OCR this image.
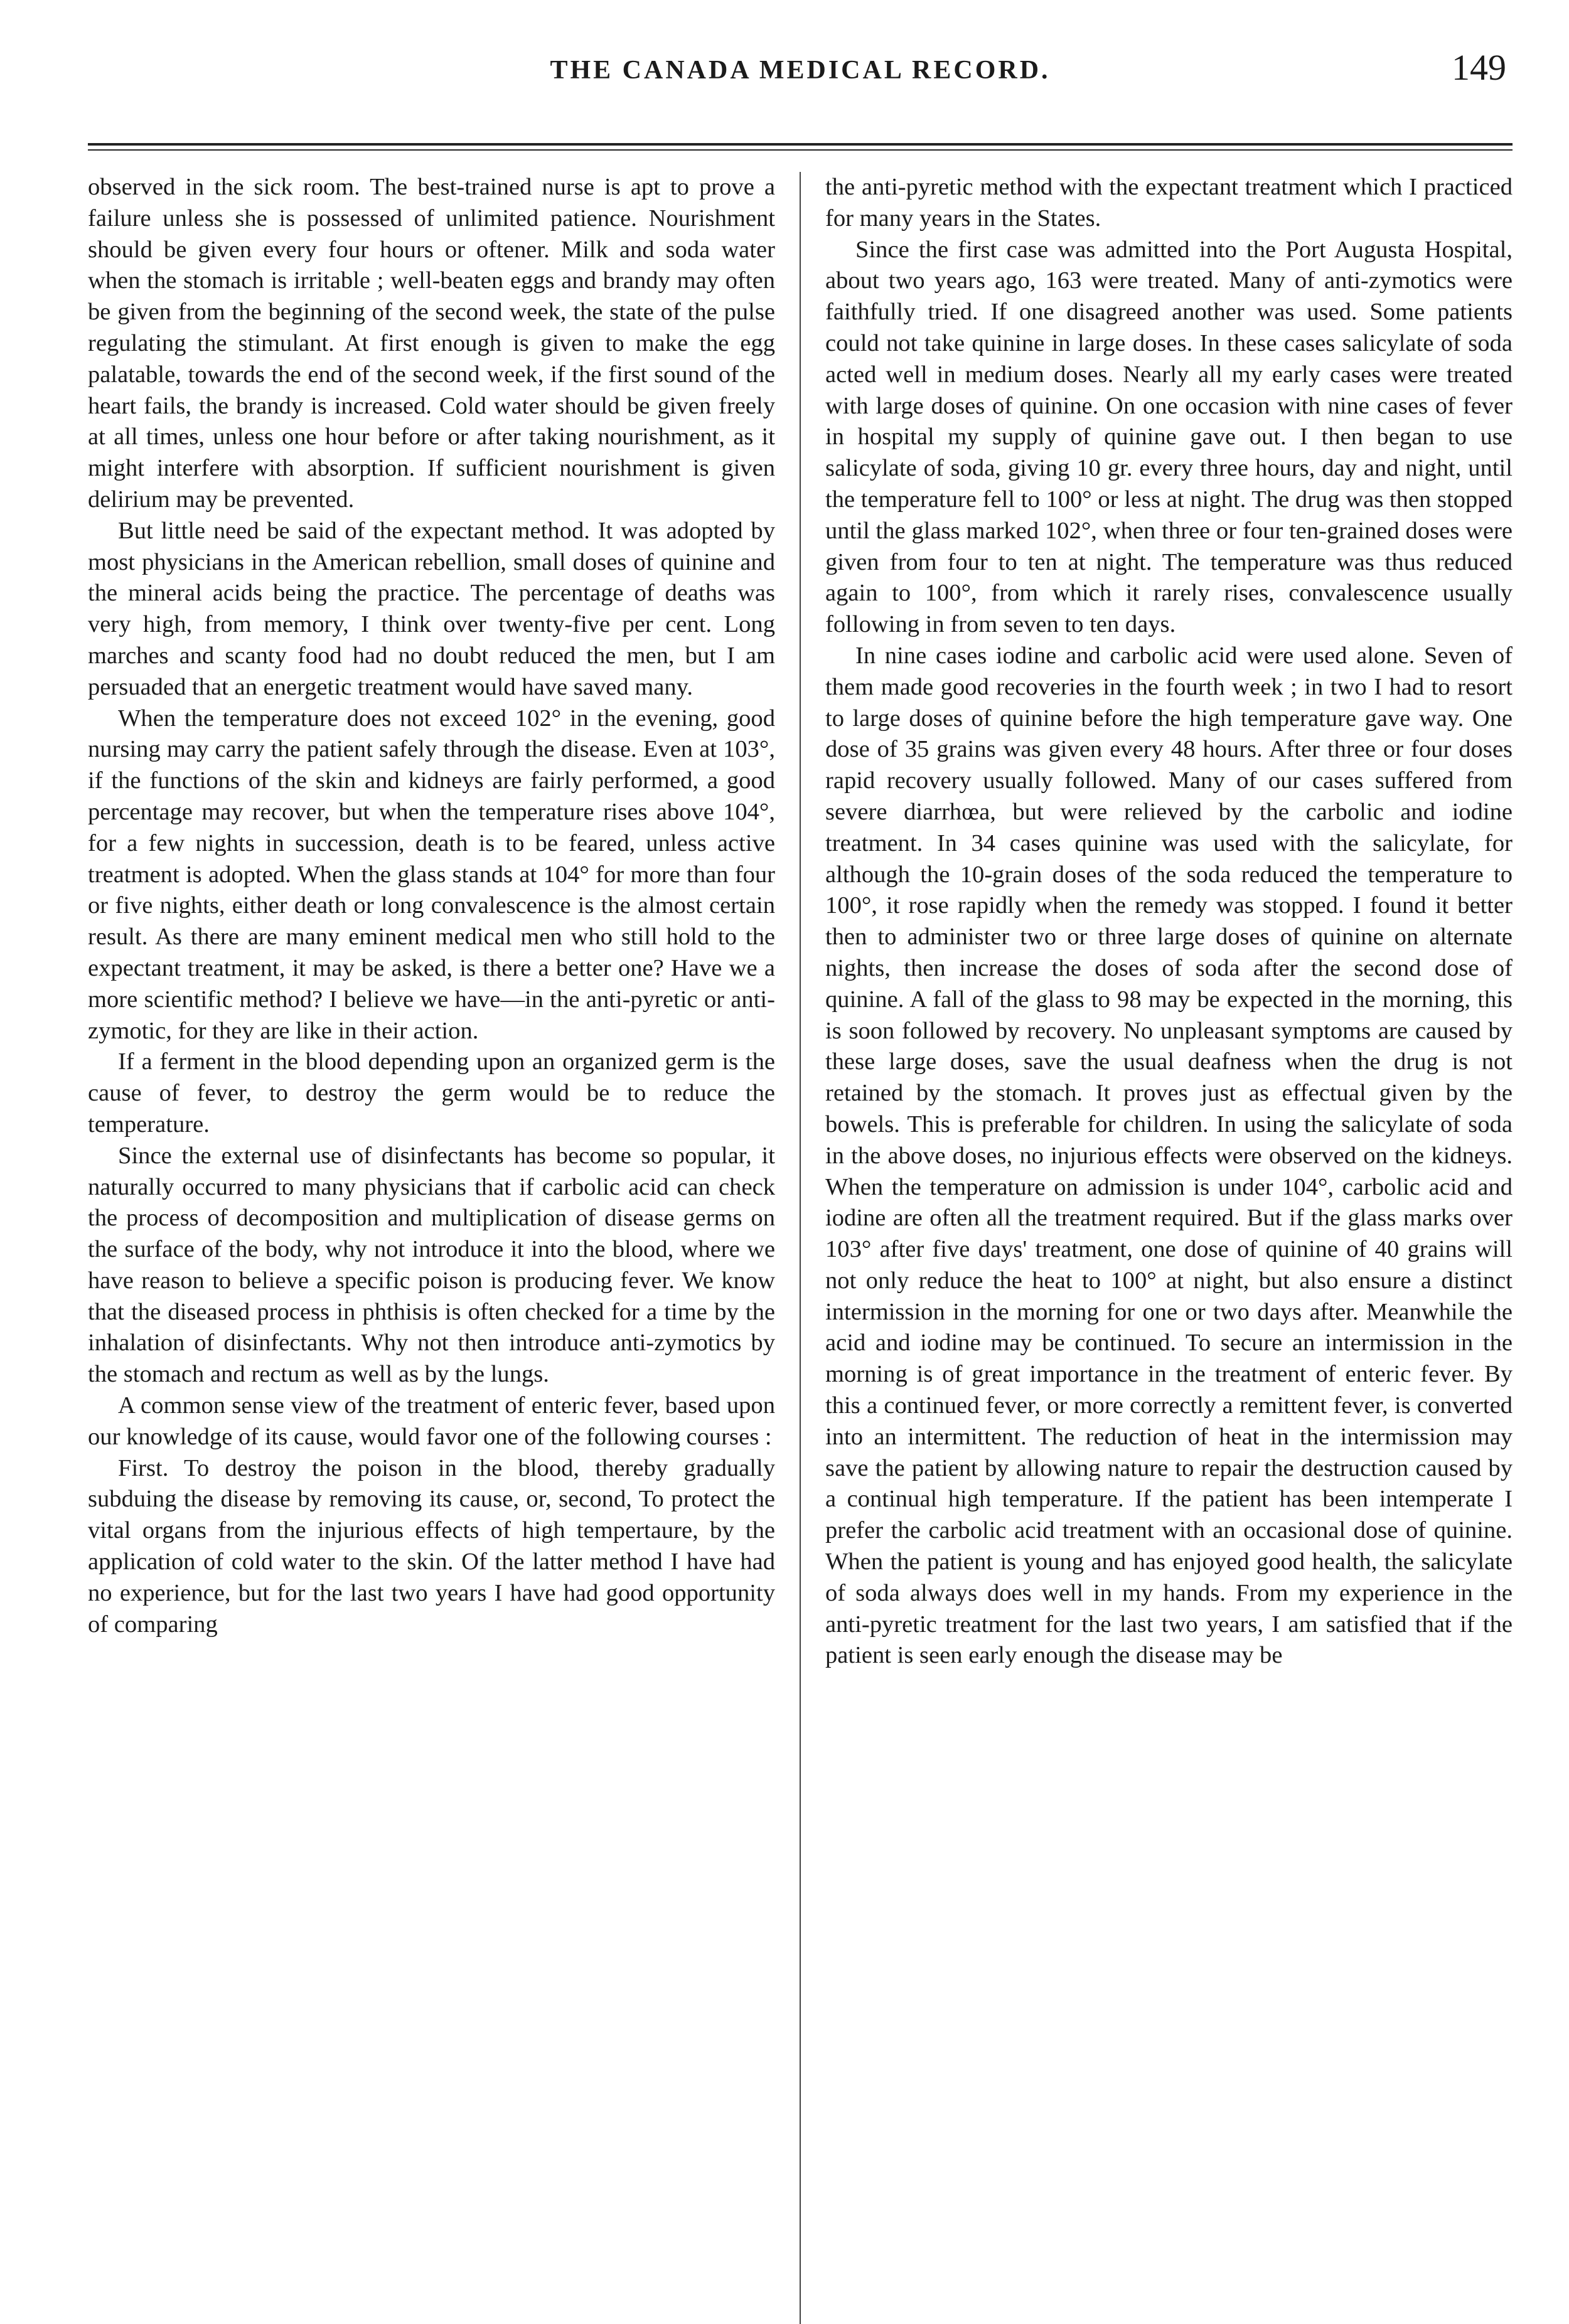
THE CANADA MEDICAL RECORD.	149

observed in the sick room. The best-trained nurse is apt to prove a failure unless she is possessed of unlimited patience. Nourishment should be given every four hours or oftener. Milk and soda water when the stomach is irritable ; well-beaten eggs and brandy may often be given from the beginning of the second week, the state of the pulse regulating the stimulant. At first enough is given to make the egg palatable, towards the end of the second week, if the first sound of the heart fails, the brandy is increased. Cold water should be given freely at all times, unless one hour before or after taking nourishment, as it might interfere with absorption. If sufficient nourishment is given delirium may be prevented.

But little need be said of the expectant method. It was adopted by most physicians in the American rebellion, small doses of quinine and the mineral acids being the practice. The percentage of deaths was very high, from memory, I think over twenty-five per cent. Long marches and scanty food had no doubt reduced the men, but I am persuaded that an energetic treatment would have saved many.

When the temperature does not exceed 102° in the evening, good nursing may carry the patient safely through the disease. Even at 103°, if the functions of the skin and kidneys are fairly performed, a good percentage may recover, but when the temperature rises above 104°, for a few nights in succession, death is to be feared, unless active treatment is adopted. When the glass stands at 104° for more than four or five nights, either death or long convalescence is the almost certain result. As there are many eminent medical men who still hold to the expectant treatment, it may be asked, is there a better one? Have we a more scientific method? I believe we have—in the anti-pyretic or anti-zymotic, for they are like in their action.

If a ferment in the blood depending upon an organized germ is the cause of fever, to destroy the germ would be to reduce the temperature.

Since the external use of disinfectants has become so popular, it naturally occurred to many physicians that if carbolic acid can check the process of decomposition and multiplication of disease germs on the surface of the body, why not introduce it into the blood, where we have reason to believe a specific poison is producing fever. We know that the diseased process in phthisis is often checked for a time by the inhalation of disinfectants. Why not then introduce anti-zymotics by the stomach and rectum as well as by the lungs.

A common sense view of the treatment of enteric fever, based upon our knowledge of its cause, would favor one of the following courses :

First. To destroy the poison in the blood, thereby gradually subduing the disease by removing its cause, or, second, To protect the vital organs from the injurious effects of high tempertaure, by the application of cold water to the skin. Of the latter method I have had no experience, but for the last two years I have had good opportunity of comparing

the anti-pyretic method with the expectant treatment which I practiced for many years in the States.

Since the first case was admitted into the Port Augusta Hospital, about two years ago, 163 were treated. Many of anti-zymotics were faithfully tried. If one disagreed another was used. Some patients could not take quinine in large doses. In these cases salicylate of soda acted well in medium doses. Nearly all my early cases were treated with large doses of quinine. On one occasion with nine cases of fever in hospital my supply of quinine gave out. I then began to use salicylate of soda, giving 10 gr. every three hours, day and night, until the temperature fell to 100° or less at night. The drug was then stopped until the glass marked 102°, when three or four ten-grained doses were given from four to ten at night. The temperature was thus reduced again to 100°, from which it rarely rises, convalescence usually following in from seven to ten days.

In nine cases iodine and carbolic acid were used alone. Seven of them made good recoveries in the fourth week ; in two I had to resort to large doses of quinine before the high temperature gave way. One dose of 35 grains was given every 48 hours. After three or four doses rapid recovery usually followed. Many of our cases suffered from severe diarrhœa, but were relieved by the carbolic and iodine treatment. In 34 cases quinine was used with the salicylate, for although the 10-grain doses of the soda reduced the temperature to 100°, it rose rapidly when the remedy was stopped. I found it better then to administer two or three large doses of quinine on alternate nights, then increase the doses of soda after the second dose of quinine. A fall of the glass to 98 may be expected in the morning, this is soon followed by recovery. No unpleasant symptoms are caused by these large doses, save the usual deafness when the drug is not retained by the stomach. It proves just as effectual given by the bowels. This is preferable for children. In using the salicylate of soda in the above doses, no injurious effects were observed on the kidneys. When the temperature on admission is under 104°, carbolic acid and iodine are often all the treatment required. But if the glass marks over 103° after five days' treatment, one dose of quinine of 40 grains will not only reduce the heat to 100° at night, but also ensure a distinct intermission in the morning for one or two days after. Meanwhile the acid and iodine may be continued. To secure an intermission in the morning is of great importance in the treatment of enteric fever. By this a continued fever, or more correctly a remittent fever, is converted into an intermittent. The reduction of heat in the intermission may save the patient by allowing nature to repair the destruction caused by a continual high temperature. If the patient has been intemperate I prefer the carbolic acid treatment with an occasional dose of quinine. When the patient is young and has enjoyed good health, the salicylate of soda always does well in my hands. From my experience in the anti-pyretic treatment for the last two years, I am satisfied that if the patient is seen early enough the disease may be
